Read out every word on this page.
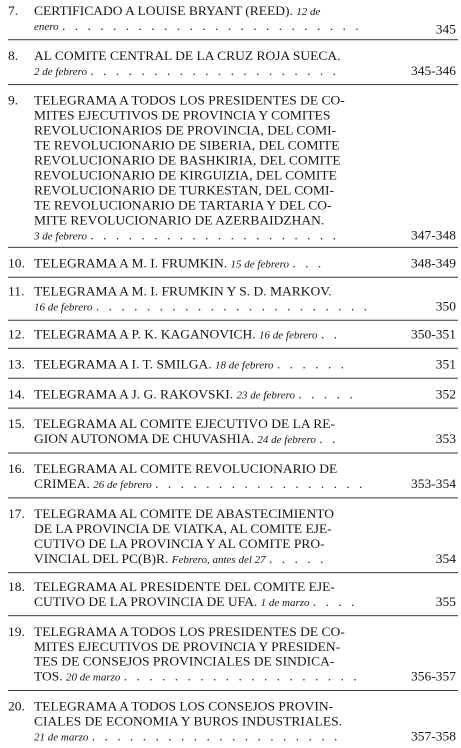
7.	CERTIFICADO A LOUISE BRYANT (REED). 12 de
enero . . . . . . . . . . . . . . . . . . . . . . . .	345
8.	AL COMITE CENTRAL DE LA CRUZ ROJA SUECA.
2 de febrero . . . . . . . . . . . . . . . . . . . .	345-346
9.	TELEGRAMA A TODOS LOS PRESIDENTES DE CO-
MITES EJECUTIVOS DE PROVINCIA Y COMITES
REVOLUCIONARIOS DE PROVINCIA, DEL COMI-
TE REVOLUCIONARIO DE SIBERIA, DEL COMITE
REVOLUCIONARIO DE BASHKIRIA, DEL COMITE
REVOLUCIONARIO DE KIRGUIZIA, DEL COMITE
REVOLUCIONARIO DE TURKESTAN, DEL COMI-
TE REVOLUCIONARIO DE TARTARIA Y DEL CO-
MITE REVOLUCIONARIO DE AZERBAIDZHAN.
3 de febrero . . . . . . . . . . . . . . . . . . . .	347-348
10. TELEGRAMA A M. I. FRUMKIN. 15 de febrero . . .	348-349
11. TELEGRAMA A M. I. FRUMKIN Y S. D. MARKOV.
16 de febrero . . . . . . . . . . . . . . . . . . . . . .	350
12. TELEGRAMA A P. K. KAGANOVICH. 16 de febrero . .	350-351
13. TELEGRAMA A I. T. SMILGA. 18 de febrero . . . . . .	351
14. TELEGRAMA A J. G. RAKOVSKI. 23 de febrero . . . . .	352
15. TELEGRAMA AL COMITE EJECUTIVO DE LA RE-
GION AUTONOMA DE CHUVASHIA. 24 de febrero . .	353
16. TELEGRAMA AL COMITE REVOLUCIONARIO DE
CRIMEA. 26 de febrero . . . . . . . . . . . . . . . . .	353-354
17. TELEGRAMA AL COMITE DE ABASTECIMIENTO
DE LA PROVINCIA DE VIATKA, AL COMITE EJE-
CUTIVO DE LA PROVINCIA Y AL COMITE PRO-
VINCIAL DEL PC(B)R. Febrero, antes del 27 . . . . .	354
18. TELEGRAMA AL PRESIDENTE DEL COMITE EJE-
CUTIVO DE LA PROVINCIA DE UFA. 1 de marzo . . . .	355
19. TELEGRAMA A TODOS LOS PRESIDENTES DE CO-
MITES EJECUTIVOS DE PROVINCIA Y PRESIDEN-
TES DE CONSEJOS PROVINCIALES DE SINDICA-
TOS. 20 de marzo . . . . . . . . . . . . . . . . . . .	356-357
20. TELEGRAMA A TODOS LOS CONSEJOS PROVIN-
CIALES DE ECONOMIA Y BUROS INDUSTRIALES.
21 de marzo . . . . . . . . . . . . . . . . . . . .	357-358
